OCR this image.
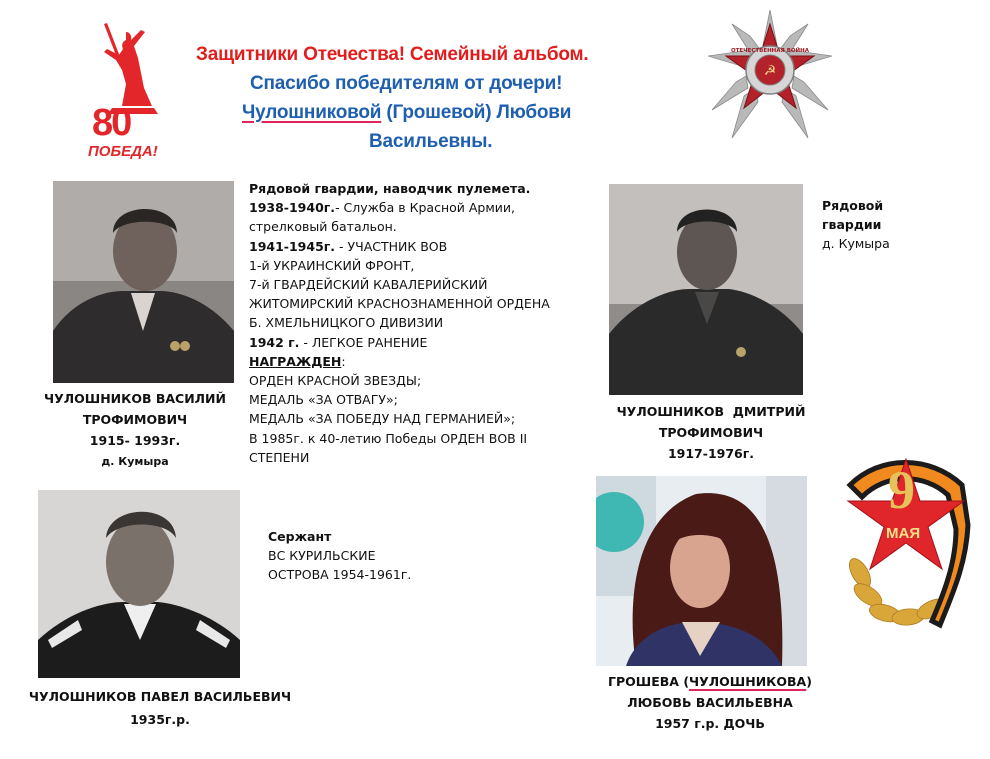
Защитники Отечества! Семейный альбом.
Спасибо победителям от дочери!
Чулошниковой (Грошевой) Любови
Васильевны.
80
ПОБЕДА!
☭
ОТЕЧЕСТВЕННАЯ ВОЙНА
Рядовой гвардии, наводчик пулемета.
1938-1940г.- Служба в Красной Армии,
стрелковый батальон.
1941-1945г. - УЧАСТНИК ВОВ
1-й УКРАИНСКИЙ ФРОНТ,
7-й ГВАРДЕЙСКИЙ КАВАЛЕРИЙСКИЙ
ЖИТОМИРСКИЙ КРАСНОЗНАМЕННОЙ ОРДЕНА
Б. ХМЕЛЬНИЦКОГО ДИВИЗИИ
1942 г. - ЛЕГКОЕ РАНЕНИЕ
НАГРАЖДЕН:
ОРДЕН КРАСНОЙ ЗВЕЗДЫ;
МЕДАЛЬ «ЗА ОТВАГУ»;
МЕДАЛЬ «ЗА ПОБЕДУ НАД ГЕРМАНИЕЙ»;
В 1985г. к 40-летию Победы ОРДЕН ВОВ II
СТЕПЕНИ
ЧУЛОШНИКОВ ВАСИЛИЙ
ТРОФИМОВИЧ
1915- 1993г.
д. Кумыра
Рядовой
гвардии
д. Кумыра
ЧУЛОШНИКОВ  ДМИТРИЙ
ТРОФИМОВИЧ
1917-1976г.
9
МАЯ
Сержант
ВС КУРИЛЬСКИЕ
ОСТРОВА 1954-1961г.
ЧУЛОШНИКОВ ПАВЕЛ ВАСИЛЬЕВИЧ
1935г.р.
ГРОШЕВА (ЧУЛОШНИКОВА)
ЛЮБОВЬ ВАСИЛЬЕВНА
1957 г.р. ДОЧЬ
